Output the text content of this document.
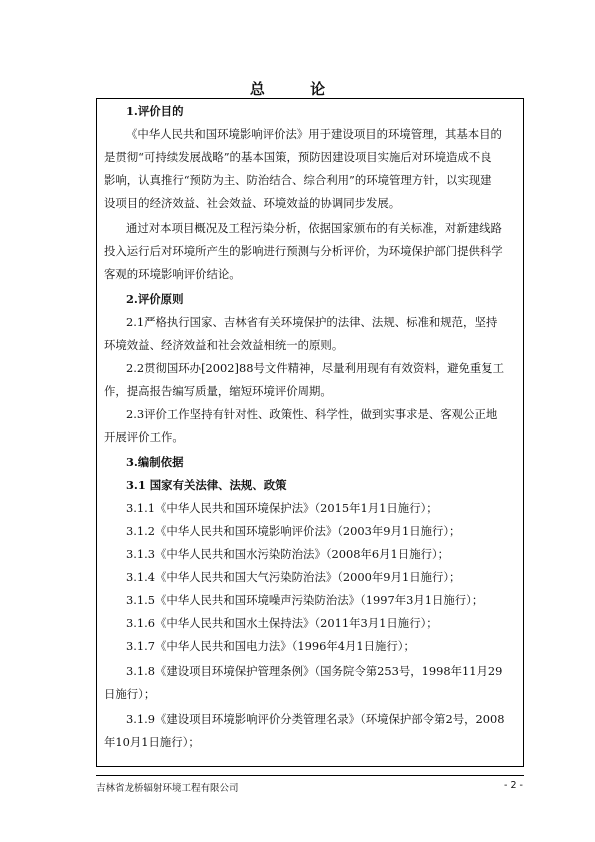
总 论
1.评价目的
《中华人民共和国环境影响评价法》用于建设项目的环境管理，其基本目的
是贯彻“可持续发展战略”的基本国策，预防因建设项目实施后对环境造成不良
影响，认真推行“预防为主、防治结合、综合利用”的环境管理方针，以实现建
设项目的经济效益、社会效益、环境效益的协调同步发展。
通过对本项目概况及工程污染分析，依据国家颁布的有关标准，对新建线路
投入运行后对环境所产生的影响进行预测与分析评价，为环境保护部门提供科学
客观的环境影响评价结论。
2.评价原则
2.1严格执行国家、吉林省有关环境保护的法律、法规、标准和规范，坚持
环境效益、经济效益和社会效益相统一的原则。
2.2贯彻国环办[2002]88号文件精神，尽量利用现有有效资料，避免重复工
作，提高报告编写质量，缩短环境评价周期。
2.3评价工作坚持有针对性、政策性、科学性，做到实事求是、客观公正地
开展评价工作。
3.编制依据
3.1 国家有关法律、法规、政策
3.1.1《中华人民共和国环境保护法》（2015年1月1日施行）；
3.1.2《中华人民共和国环境影响评价法》（2003年9月1日施行）；
3.1.3《中华人民共和国水污染防治法》（2008年6月1日施行）；
3.1.4《中华人民共和国大气污染防治法》（2000年9月1日施行）；
3.1.5《中华人民共和国环境噪声污染防治法》（1997年3月1日施行）；
3.1.6《中华人民共和国水土保持法》（2011年3月1日施行）；
3.1.7《中华人民共和国电力法》（1996年4月1日施行）；
3.1.8《建设项目环境保护管理条例》（国务院令第253号，1998年11月29
日施行）；
3.1.9《建设项目环境影响评价分类管理名录》（环境保护部令第2号，2008
年10月1日施行）；
吉林省龙桥辐射环境工程有限公司	- 2 -
